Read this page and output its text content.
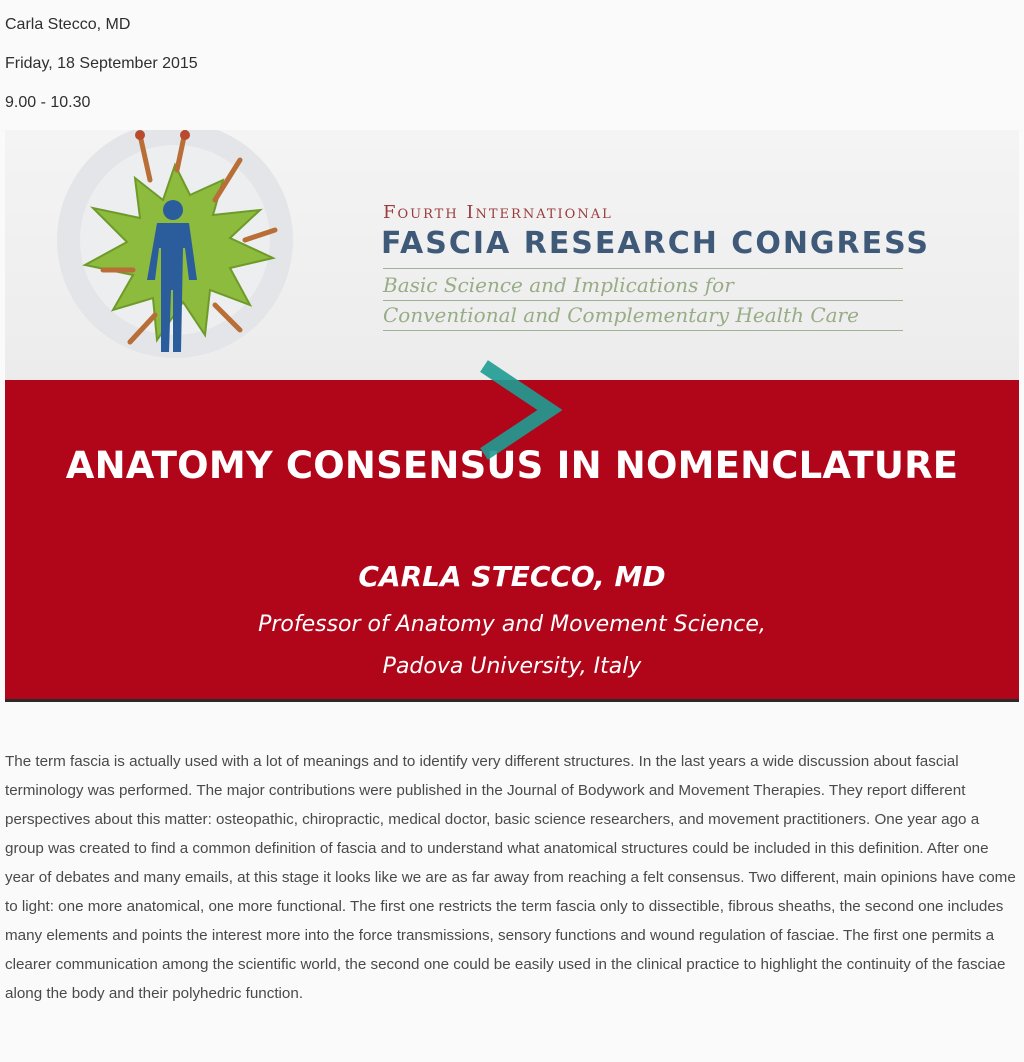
Carla Stecco, MD
Friday, 18 September 2015
9.00 - 10.30
Fourth International
FASCIA RESEARCH CONGRESS
Basic Science and Implications for
Conventional and Complementary Health Care
ANATOMY CONSENSUS IN NOMENCLATURE
CARLA STECCO, MD
Professor of Anatomy and Movement Science,
Padova University, Italy
The term fascia is actually used with a lot of meanings and to identify very different structures. In the last years a wide discussion about fascial terminology was performed. The major contributions were published in the Journal of Bodywork and Movement Therapies. They report different perspectives about this matter: osteopathic, chiropractic, medical doctor, basic science researchers, and movement practitioners. One year ago a group was created to find a common definition of fascia and to understand what anatomical structures could be included in this definition. After one year of debates and many emails, at this stage it looks like we are as far away from reaching a felt consensus. Two different, main opinions have come to light: one more anatomical, one more functional. The first one restricts the term fascia only to dissectible, fibrous sheaths, the second one includes many elements and points the interest more into the force transmissions, sensory functions and wound regulation of fasciae. The first one permits a clearer communication among the scientific world, the second one could be easily used in the clinical practice to highlight the continuity of the fasciae along the body and their polyhedric function.
